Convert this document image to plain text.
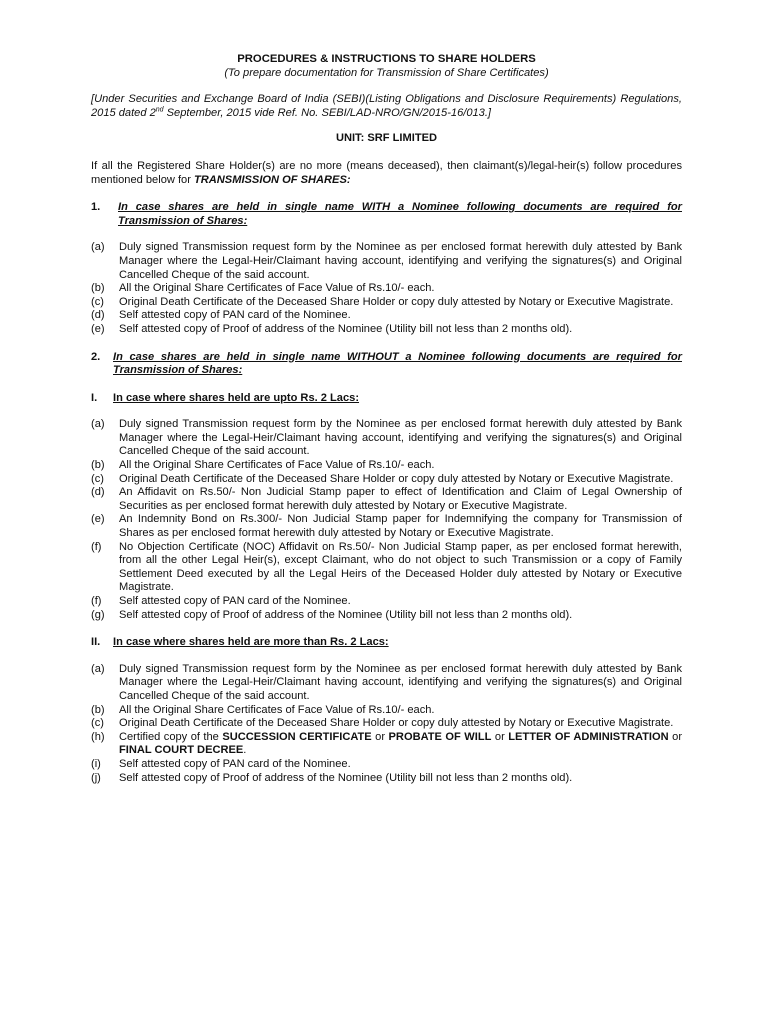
PROCEDURES & INSTRUCTIONS TO SHARE HOLDERS
(To prepare documentation for Transmission of Share Certificates)
[Under Securities and Exchange Board of India (SEBI)(Listing Obligations and Disclosure Requirements) Regulations, 2015 dated 2nd September, 2015 vide Ref. No. SEBI/LAD-NRO/GN/2015-16/013.]
UNIT: SRF LIMITED
If all the Registered Share Holder(s) are no more (means deceased), then claimant(s)/legal-heir(s) follow procedures mentioned below for TRANSMISSION OF SHARES:
1.	In case shares are held in single name WITH a Nominee following documents are required for Transmission of Shares:
(a)	Duly signed Transmission request form by the Nominee as per enclosed format herewith duly attested by Bank Manager where the Legal-Heir/Claimant having account, identifying and verifying the signatures(s) and Original Cancelled Cheque of the said account.
(b)	All the Original Share Certificates of Face Value of Rs.10/- each.
(c)	Original Death Certificate of the Deceased Share Holder or copy duly attested by Notary or Executive Magistrate.
(d)	Self attested copy of PAN card of the Nominee.
(e)	Self attested copy of Proof of address of the Nominee (Utility bill not less than 2 months old).
2.	In case shares are held in single name WITHOUT a Nominee following documents are required for Transmission of Shares:
I.	In case where shares held are upto Rs. 2 Lacs:
(a)	Duly signed Transmission request form by the Nominee as per enclosed format herewith duly attested by Bank Manager where the Legal-Heir/Claimant having account, identifying and verifying the signatures(s) and Original Cancelled Cheque of the said account.
(b)	All the Original Share Certificates of Face Value of Rs.10/- each.
(c)	Original Death Certificate of the Deceased Share Holder or copy duly attested by Notary or Executive Magistrate.
(d)	An Affidavit on Rs.50/- Non Judicial Stamp paper to effect of Identification and Claim of Legal Ownership of Securities as per enclosed format herewith duly attested by Notary or Executive Magistrate.
(e)	An Indemnity Bond on Rs.300/- Non Judicial Stamp paper for Indemnifying the company for Transmission of Shares as per enclosed format herewith duly attested by Notary or Executive Magistrate.
(f)	No Objection Certificate (NOC) Affidavit on Rs.50/- Non Judicial Stamp paper, as per enclosed format herewith, from all the other Legal Heir(s), except Claimant, who do not object to such Transmission or a copy of Family Settlement Deed executed by all the Legal Heirs of the Deceased Holder duly attested by Notary or Executive Magistrate.
(f)	Self attested copy of PAN card of the Nominee.
(g)	Self attested copy of Proof of address of the Nominee (Utility bill not less than 2 months old).
II.	In case where shares held are more than Rs. 2 Lacs:
(a)	Duly signed Transmission request form by the Nominee as per enclosed format herewith duly attested by Bank Manager where the Legal-Heir/Claimant having account, identifying and verifying the signatures(s) and Original Cancelled Cheque of the said account.
(b)	All the Original Share Certificates of Face Value of Rs.10/- each.
(c)	Original Death Certificate of the Deceased Share Holder or copy duly attested by Notary or Executive Magistrate.
(h)	Certified copy of the SUCCESSION CERTIFICATE or PROBATE OF WILL or LETTER OF ADMINISTRATION or FINAL COURT DECREE.
(i)	Self attested copy of PAN card of the Nominee.
(j)	Self attested copy of Proof of address of the Nominee (Utility bill not less than 2 months old).
